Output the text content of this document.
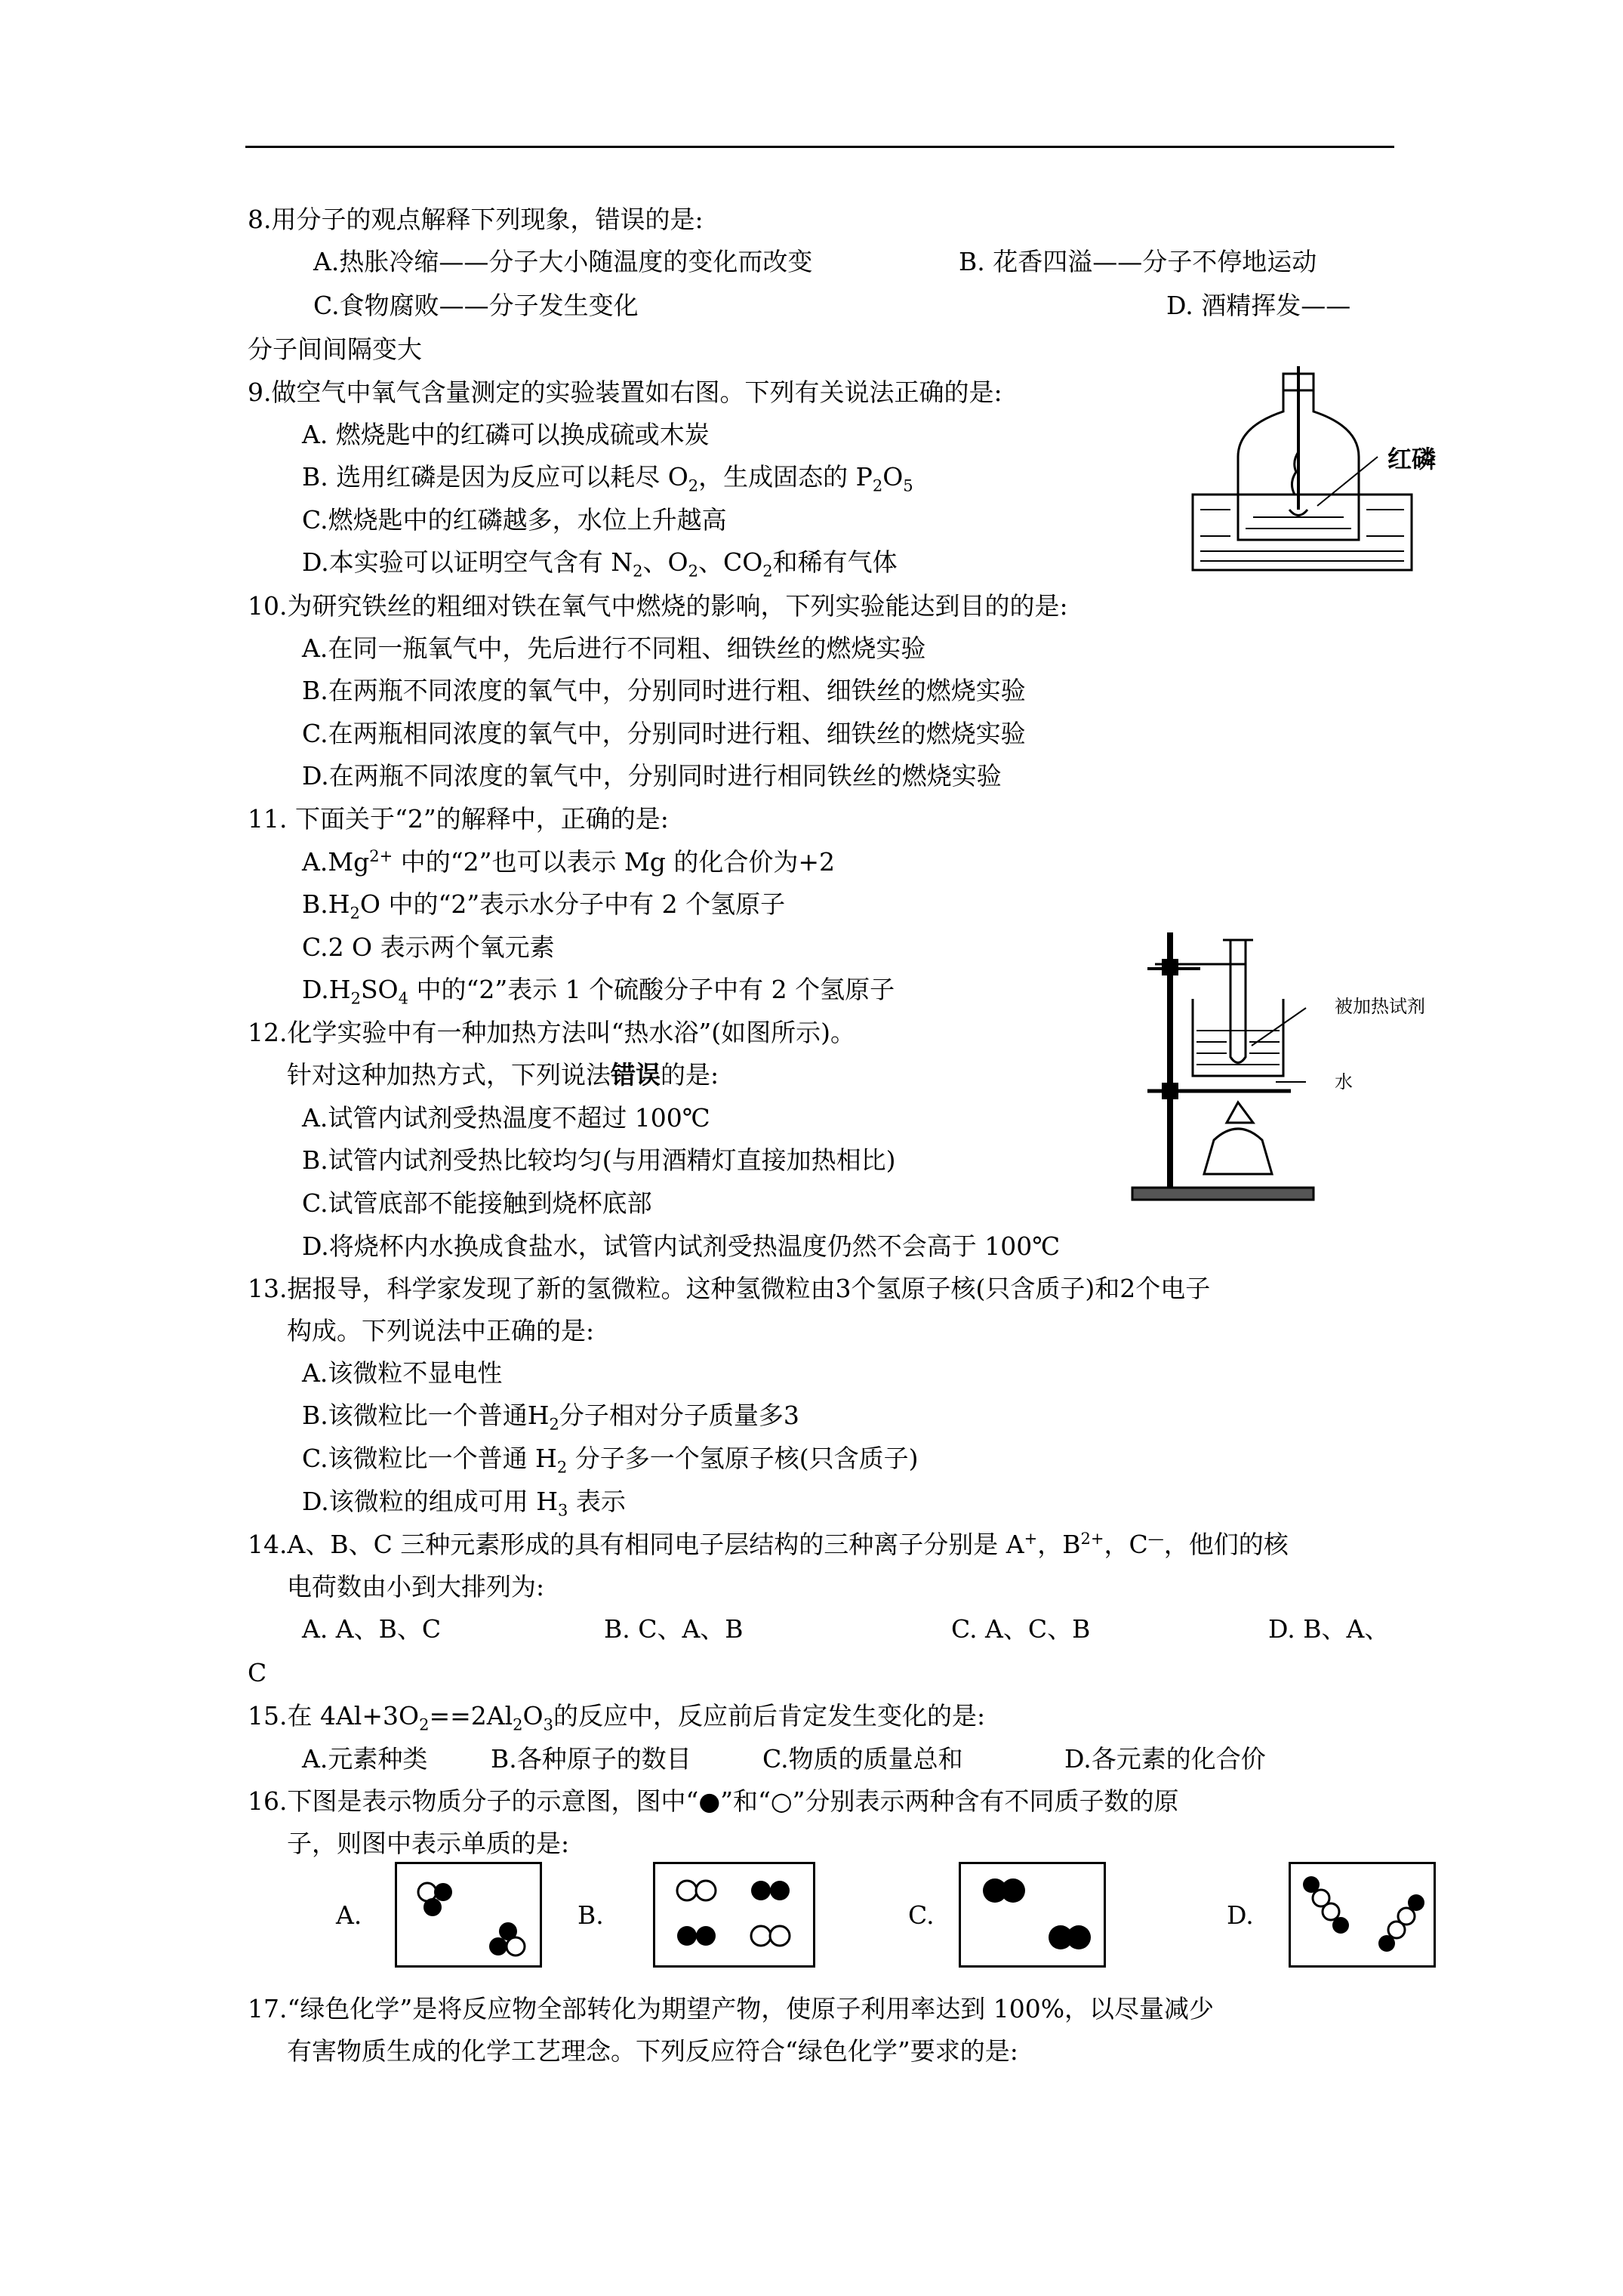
8.用分子的观点解释下列现象，错误的是:
A.热胀冷缩——分子大小随温度的变化而改变	B. 花香四溢——分子不停地运动
C.食物腐败——分子发生变化	D. 酒精挥发——
分子间间隔变大
9.做空气中氧气含量测定的实验装置如右图。下列有关说法正确的是:
A. 燃烧匙中的红磷可以换成硫或木炭
B. 选用红磷是因为反应可以耗尽 $O_2$，生成固态的 $P_2O_5$
C.燃烧匙中的红磷越多，水位上升越高
D.本实验可以证明空气含有 $N_2$、$O_2$、$CO_2$和稀有气体
红磷
10.为研究铁丝的粗细对铁在氧气中燃烧的影响，下列实验能达到目的的是:
A.在同一瓶氧气中，先后进行不同粗、细铁丝的燃烧实验
B.在两瓶不同浓度的氧气中，分别同时进行粗、细铁丝的燃烧实验
C.在两瓶相同浓度的氧气中，分别同时进行粗、细铁丝的燃烧实验
D.在两瓶不同浓度的氧气中，分别同时进行相同铁丝的燃烧实验
11. 下面关于“2”的解释中，正确的是:
$A.Mg^{2+}$ 中的“2”也可以表示 Mg 的化合价为+2
$B.H_2O$ 中的“2”表示水分子中有 2 个氢原子
C.2 O 表示两个氧元素
$D.H_2SO_4$ 中的“2”表示 1 个硫酸分子中有 2 个氢原子
12.化学实验中有一种加热方法叫“热水浴”(如图所示)。
针对这种加热方式，下列说法错误的是:
A.试管内试剂受热温度不超过 100℃
B.试管内试剂受热比较均匀(与用酒精灯直接加热相比)
C.试管底部不能接触到烧杯底部
D.将烧杯内水换成食盐水，试管内试剂受热温度仍然不会高于 100℃
被加热试剂
水
13.据报导，科学家发现了新的氢微粒。这种氢微粒由3个氢原子核(只含质子)和2个电子
构成。下列说法中正确的是:
A.该微粒不显电性
B.该微粒比一个普通$H_2$分子相对分子质量多3
C.该微粒比一个普通 $H_2$ 分子多一个氢原子核(只含质子)
D.该微粒的组成可用 $H_3$ 表示
14.A、B、C 三种元素形成的具有相同电子层结构的三种离子分别是 A+，$B^{2+}$，C—，他们的核
电荷数由小到大排列为:
A. A、B、C	B. C、A、B	C. A、C、B	D. B、A、
C
15.在 $4Al+3O_2==2Al_2O_3$的反应中，反应前后肯定发生变化的是:
A.元素种类	B.各种原子的数目	C.物质的质量总和	D.各元素的化合价
16.下图是表示物质分子的示意图，图中“●”和“○”分别表示两种含有不同质子数的原
子，则图中表示单质的是:
A.	B.	C.	D.
17.“绿色化学”是将反应物全部转化为期望产物，使原子利用率达到 100%，以尽量减少
有害物质生成的化学工艺理念。下列反应符合“绿色化学”要求的是:
